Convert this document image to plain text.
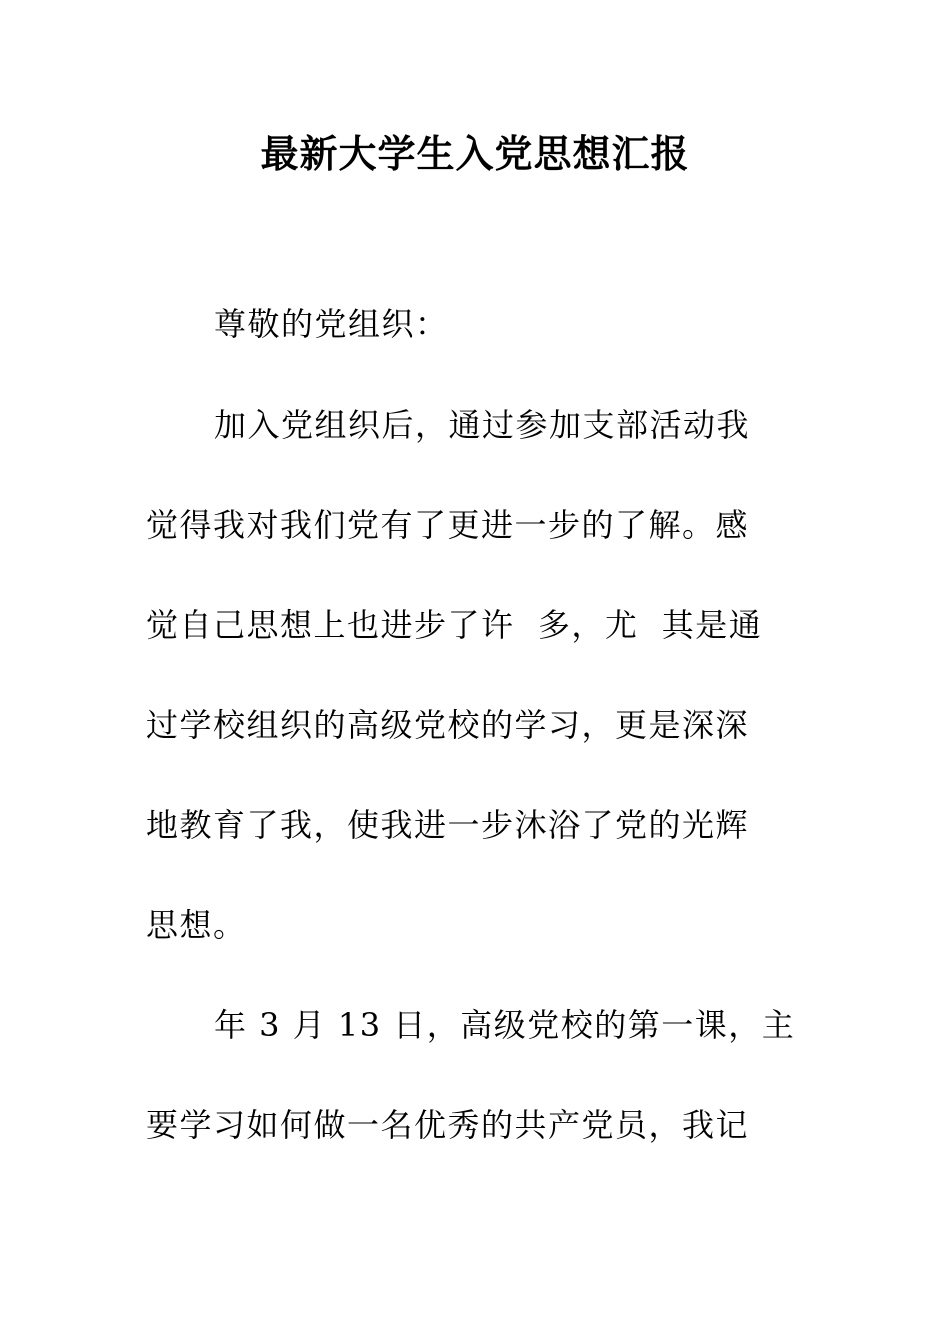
最新大学生入党思想汇报
尊敬的党组织：
加入党组织后，通过参加支部活动我
觉得我对我们党有了更进一步的了解。感
觉自己思想上也进步了许  多，尤  其是通
过学校组织的高级党校的学习，更是深深
地教育了我，使我进一步沐浴了党的光辉
思想。
年 3 月 13 日，高级党校的第一课，主
要学习如何做一名优秀的共产党员，我记
